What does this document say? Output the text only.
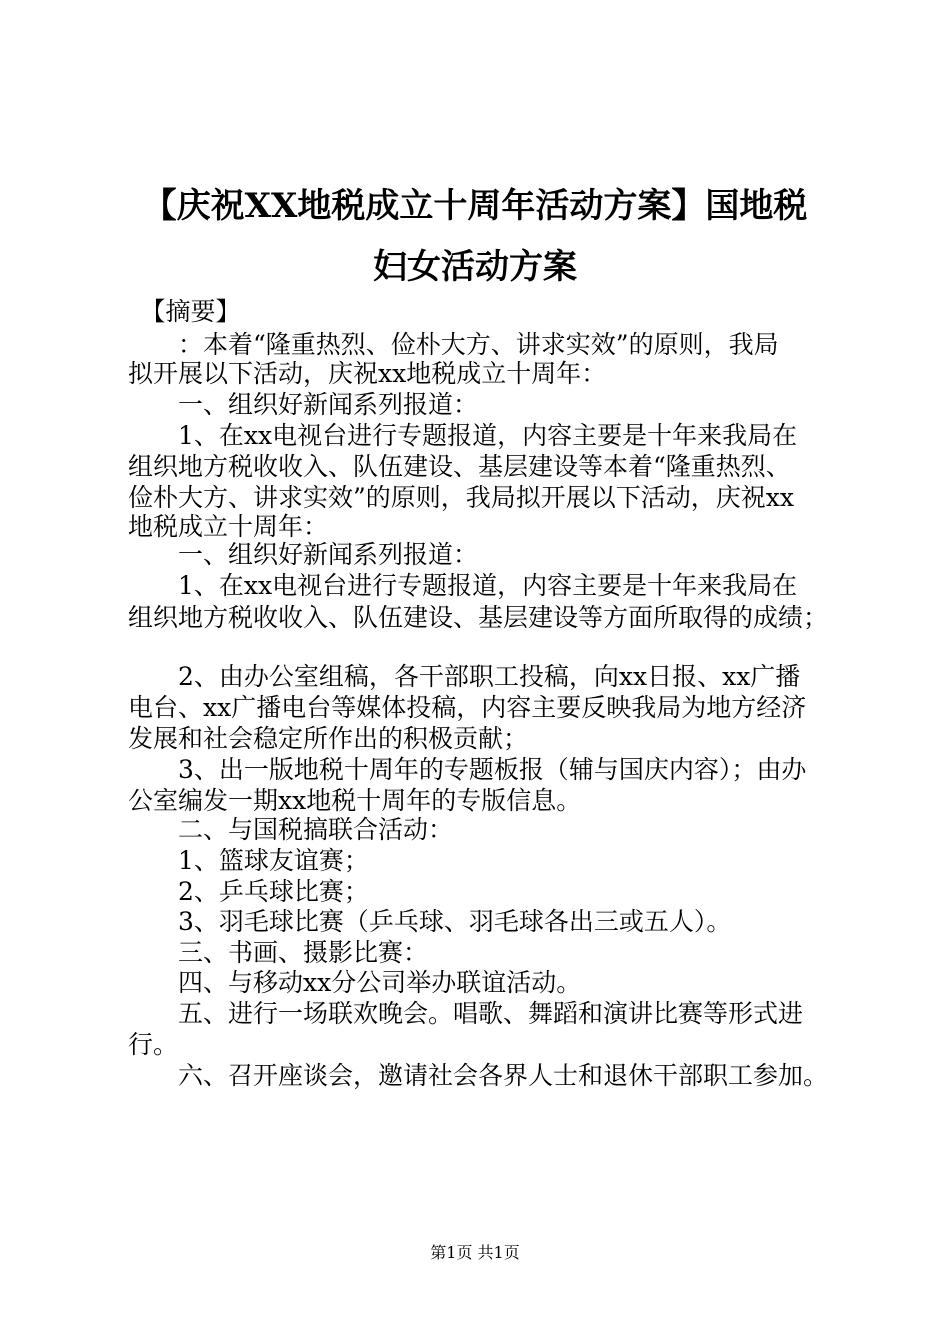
【庆祝XX地税成立十周年活动方案】国地税
妇女活动方案
　【摘要】
　　：本着“隆重热烈、俭朴大方、讲求实效”的原则，我局
拟开展以下活动，庆祝xx地税成立十周年：
　　一、组织好新闻系列报道：
　　1、在xx电视台进行专题报道，内容主要是十年来我局在
组织地方税收收入、队伍建设、基层建设等本着“隆重热烈、
俭朴大方、讲求实效”的原则，我局拟开展以下活动，庆祝xx
地税成立十周年：
　　一、组织好新闻系列报道：
　　1、在xx电视台进行专题报道，内容主要是十年来我局在
组织地方税收收入、队伍建设、基层建设等方面所取得的成绩；
　　2、由办公室组稿，各干部职工投稿，向xx日报、xx广播
电台、xx广播电台等媒体投稿，内容主要反映我局为地方经济
发展和社会稳定所作出的积极贡献；
　　3、出一版地税十周年的专题板报（辅与国庆内容）；由办
公室编发一期xx地税十周年的专版信息。
　　二、与国税搞联合活动：
　　1、篮球友谊赛；
　　2、乒乓球比赛；
　　3、羽毛球比赛（乒乓球、羽毛球各出三或五人）。
　　三、书画、摄影比赛：
　　四、与移动xx分公司举办联谊活动。
　　五、进行一场联欢晚会。唱歌、舞蹈和演讲比赛等形式进
行。
　　六、召开座谈会，邀请社会各界人士和退休干部职工参加。
第1页 共1页
